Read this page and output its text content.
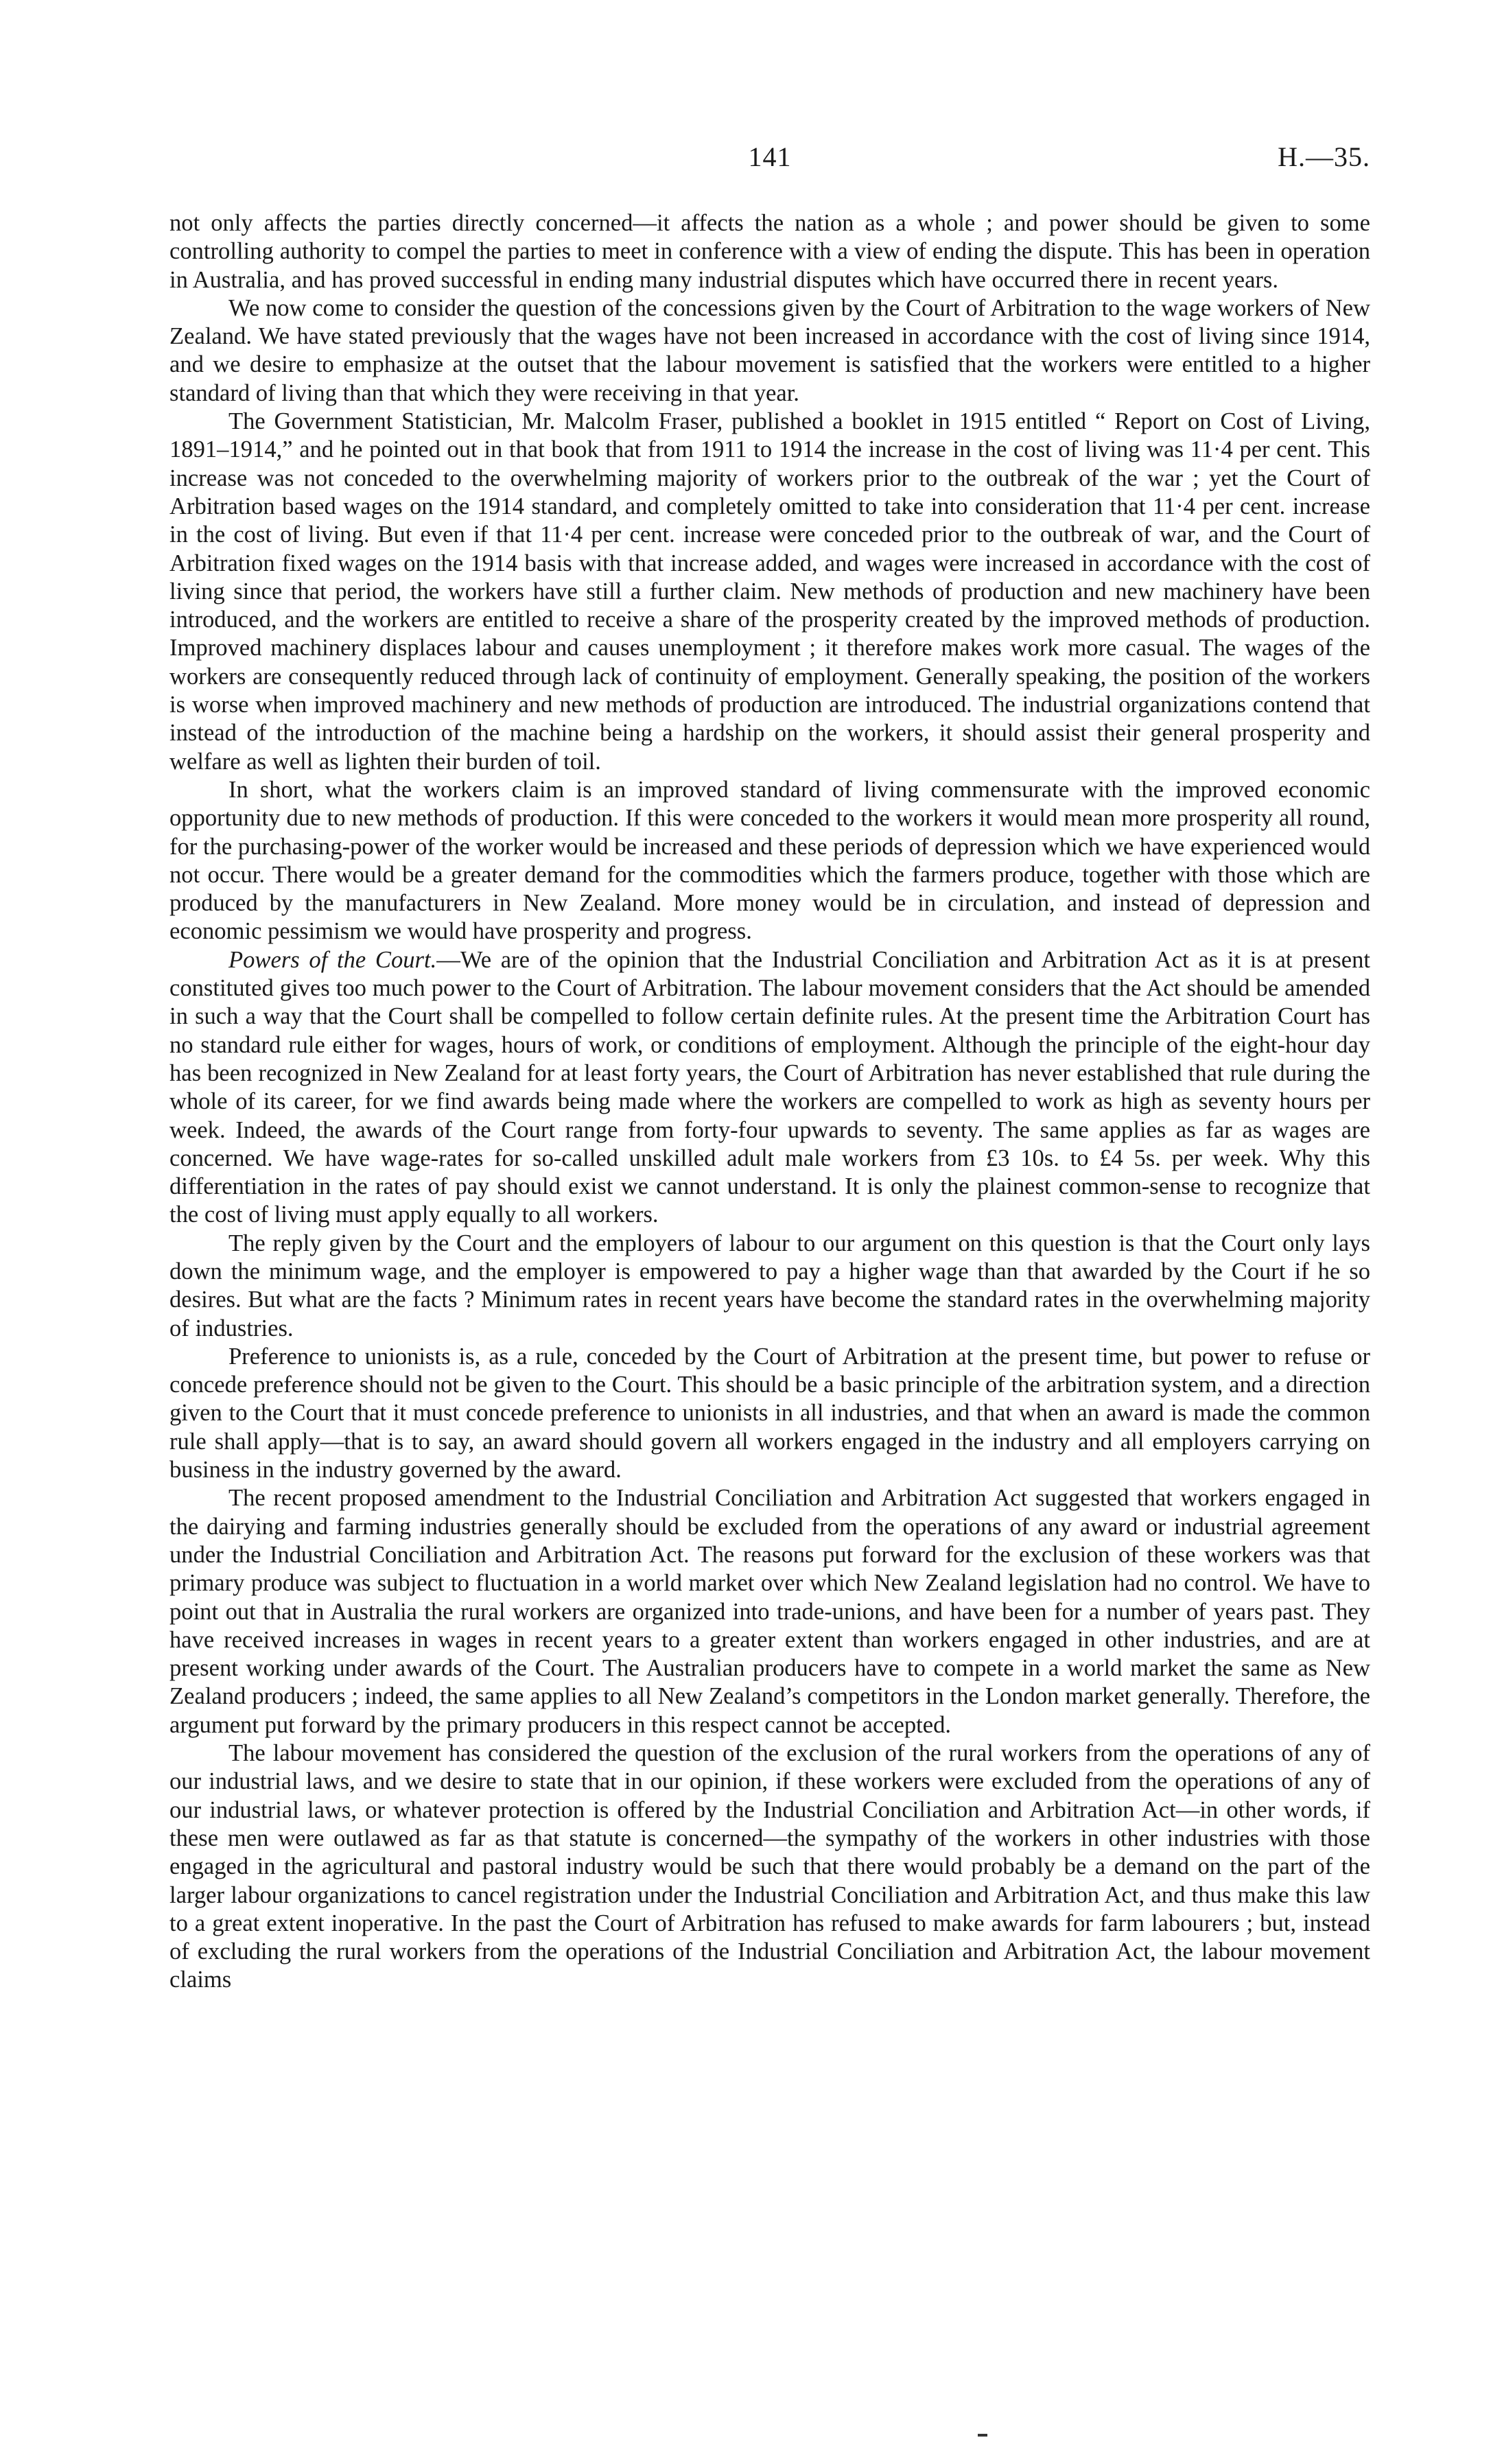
141	H.—35.

not only affects the parties directly concerned—it affects the nation as a whole ; and power should be given to some controlling authority to compel the parties to meet in conference with a view of ending the dispute. This has been in operation in Australia, and has proved successful in ending many industrial disputes which have occurred there in recent years.

We now come to consider the question of the concessions given by the Court of Arbitration to the wage workers of New Zealand. We have stated previously that the wages have not been increased in accordance with the cost of living since 1914, and we desire to emphasize at the outset that the labour movement is satisfied that the workers were entitled to a higher standard of living than that which they were receiving in that year.

The Government Statistician, Mr. Malcolm Fraser, published a booklet in 1915 entitled “ Report on Cost of Living, 1891–1914,” and he pointed out in that book that from 1911 to 1914 the increase in the cost of living was 11·4 per cent. This increase was not conceded to the overwhelming majority of workers prior to the outbreak of the war ; yet the Court of Arbitration based wages on the 1914 standard, and completely omitted to take into consideration that 11·4 per cent. increase in the cost of living. But even if that 11·4 per cent. increase were conceded prior to the outbreak of war, and the Court of Arbitration fixed wages on the 1914 basis with that increase added, and wages were increased in accordance with the cost of living since that period, the workers have still a further claim. New methods of production and new machinery have been introduced, and the workers are entitled to receive a share of the prosperity created by the improved methods of production. Improved machinery displaces labour and causes unemployment ; it therefore makes work more casual. The wages of the workers are consequently reduced through lack of continuity of employment. Generally speaking, the position of the workers is worse when improved machinery and new methods of production are introduced. The industrial organizations contend that instead of the introduction of the machine being a hardship on the workers, it should assist their general prosperity and welfare as well as lighten their burden of toil.

In short, what the workers claim is an improved standard of living commensurate with the improved economic opportunity due to new methods of production. If this were conceded to the workers it would mean more prosperity all round, for the purchasing-power of the worker would be increased and these periods of depression which we have experienced would not occur. There would be a greater demand for the commodities which the farmers produce, together with those which are produced by the manufacturers in New Zealand. More money would be in circulation, and instead of depression and economic pessimism we would have prosperity and progress.

Powers of the Court.—We are of the opinion that the Industrial Conciliation and Arbitration Act as it is at present constituted gives too much power to the Court of Arbitration. The labour movement considers that the Act should be amended in such a way that the Court shall be compelled to follow certain definite rules. At the present time the Arbitration Court has no standard rule either for wages, hours of work, or conditions of employment. Although the principle of the eight-hour day has been recognized in New Zealand for at least forty years, the Court of Arbitration has never established that rule during the whole of its career, for we find awards being made where the workers are compelled to work as high as seventy hours per week. Indeed, the awards of the Court range from forty-four upwards to seventy. The same applies as far as wages are concerned. We have wage-rates for so-called unskilled adult male workers from £3 10s. to £4 5s. per week. Why this differentiation in the rates of pay should exist we cannot understand. It is only the plainest common-sense to recognize that the cost of living must apply equally to all workers.

The reply given by the Court and the employers of labour to our argument on this question is that the Court only lays down the minimum wage, and the employer is empowered to pay a higher wage than that awarded by the Court if he so desires. But what are the facts ? Minimum rates in recent years have become the standard rates in the overwhelming majority of industries.

Preference to unionists is, as a rule, conceded by the Court of Arbitration at the present time, but power to refuse or concede preference should not be given to the Court. This should be a basic principle of the arbitration system, and a direction given to the Court that it must concede preference to unionists in all industries, and that when an award is made the common rule shall apply—that is to say, an award should govern all workers engaged in the industry and all employers carrying on business in the industry governed by the award.

The recent proposed amendment to the Industrial Conciliation and Arbitration Act suggested that workers engaged in the dairying and farming industries generally should be excluded from the operations of any award or industrial agreement under the Industrial Conciliation and Arbitration Act. The reasons put forward for the exclusion of these workers was that primary produce was subject to fluctuation in a world market over which New Zealand legislation had no control. We have to point out that in Australia the rural workers are organized into trade-unions, and have been for a number of years past. They have received increases in wages in recent years to a greater extent than workers engaged in other industries, and are at present working under awards of the Court. The Australian producers have to compete in a world market the same as New Zealand producers ; indeed, the same applies to all New Zealand’s competitors in the London market generally. Therefore, the argument put forward by the primary producers in this respect cannot be accepted.

The labour movement has considered the question of the exclusion of the rural workers from the operations of any of our industrial laws, and we desire to state that in our opinion, if these workers were excluded from the operations of any of our industrial laws, or whatever protection is offered by the Industrial Conciliation and Arbitration Act—in other words, if these men were outlawed as far as that statute is concerned—the sympathy of the workers in other industries with those engaged in the agricultural and pastoral industry would be such that there would probably be a demand on the part of the larger labour organizations to cancel registration under the Industrial Conciliation and Arbitration Act, and thus make this law to a great extent inoperative. In the past the Court of Arbitration has refused to make awards for farm labourers ; but, instead of excluding the rural workers from the operations of the Industrial Conciliation and Arbitration Act, the labour movement claims
